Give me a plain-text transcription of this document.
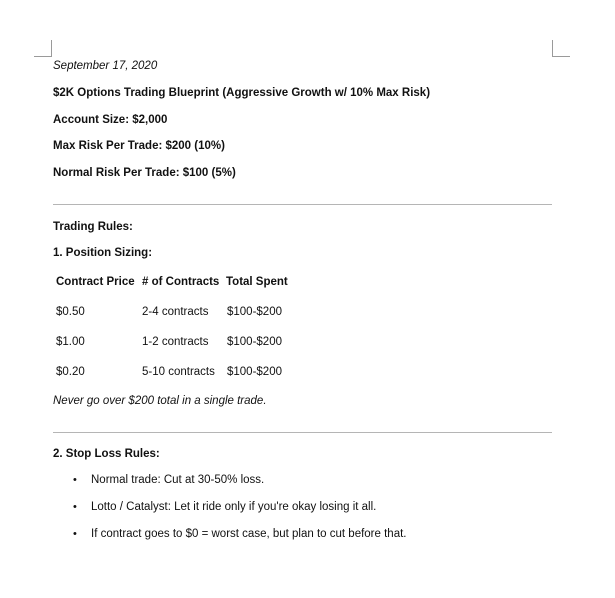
September 17, 2020
$2K Options Trading Blueprint (Aggressive Growth w/ 10% Max Risk)
Account Size: $2,000
Max Risk Per Trade: $200 (10%)
Normal Risk Per Trade: $100 (5%)
Trading Rules:
1. Position Sizing:
Contract Price # of Contracts Total Spent
$0.50	2-4 contracts $100-$200
$1.00	1-2 contracts $100-$200
$0.20	5-10 contracts $100-$200
Never go over $200 total in a single trade.
2. Stop Loss Rules:
• Normal trade: Cut at 30-50% loss.
• Lotto / Catalyst: Let it ride only if you're okay losing it all.
• If contract goes to $0 = worst case, but plan to cut before that.
